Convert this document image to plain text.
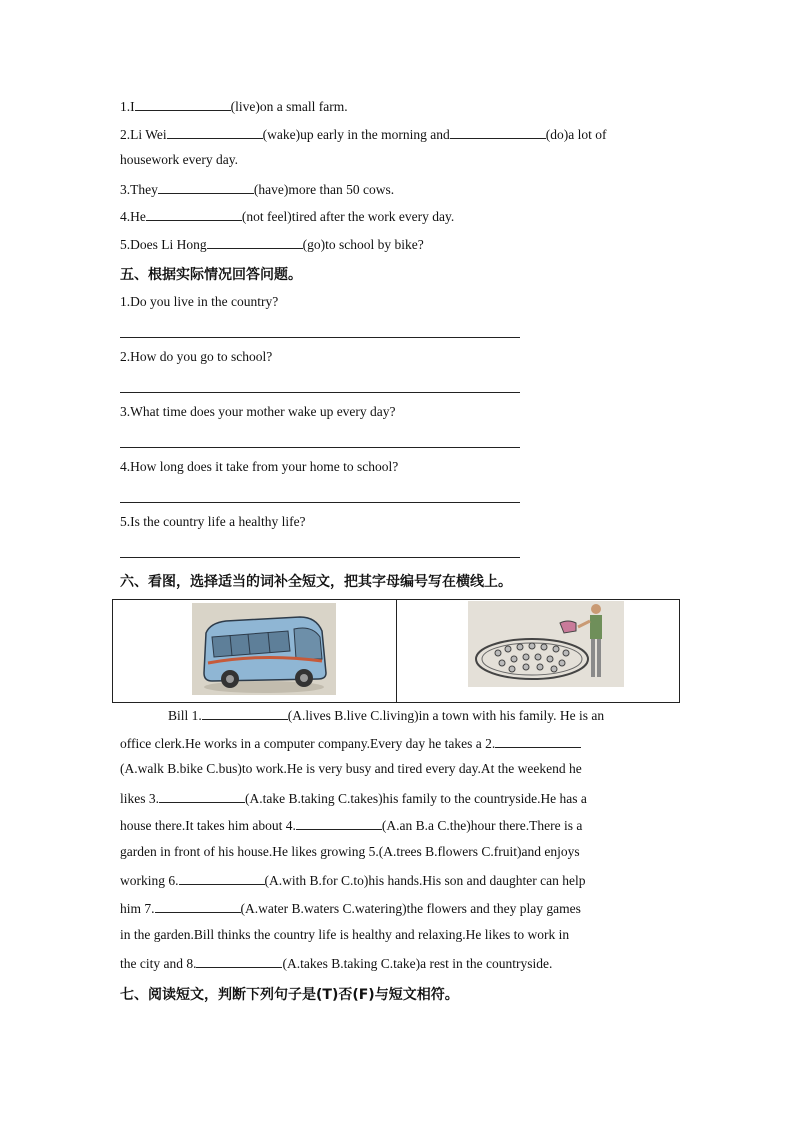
1.I	(live)on a small farm.
2.Li Wei	(wake)up early in the morning and	(do)a lot of
housework every day.
3.They	(have)more than 50 cows.
4.He	(not feel)tired after the work every day.
5.Does Li Hong	(go)to school by bike?
五、根据实际情况回答问题。
1.Do you live in the country?
2.How do you go to school?
3.What time does your mother wake up every day?
4.How long does it take from your home to school?
5.Is the country life a healthy life?
六、看图，选择适当的词补全短文，把其字母编号写在横线上。
Bill 1.	(A.lives B.live C.living)in a town with his family. He is an
office clerk.He works in a computer company.Every day he takes a 2.
(A.walk B.bike C.bus)to work.He is very busy and tired every day.At the weekend he
likes 3.	(A.take B.taking C.takes)his family to the countryside.He has a
house there.It takes him about 4.	(A.an B.a C.the)hour there.There is a
garden in front of his house.He likes growing 5.(A.trees B.flowers C.fruit)and enjoys
working 6.	(A.with B.for C.to)his hands.His son and daughter can help
him 7.	(A.water B.waters C.watering)the flowers and they play games
in the garden.Bill thinks the country life is healthy and relaxing.He likes to work in
the city and 8.	(A.takes B.taking C.take)a rest in the countryside.
七、阅读短文，判断下列句子是(T)否(F)与短文相符。
